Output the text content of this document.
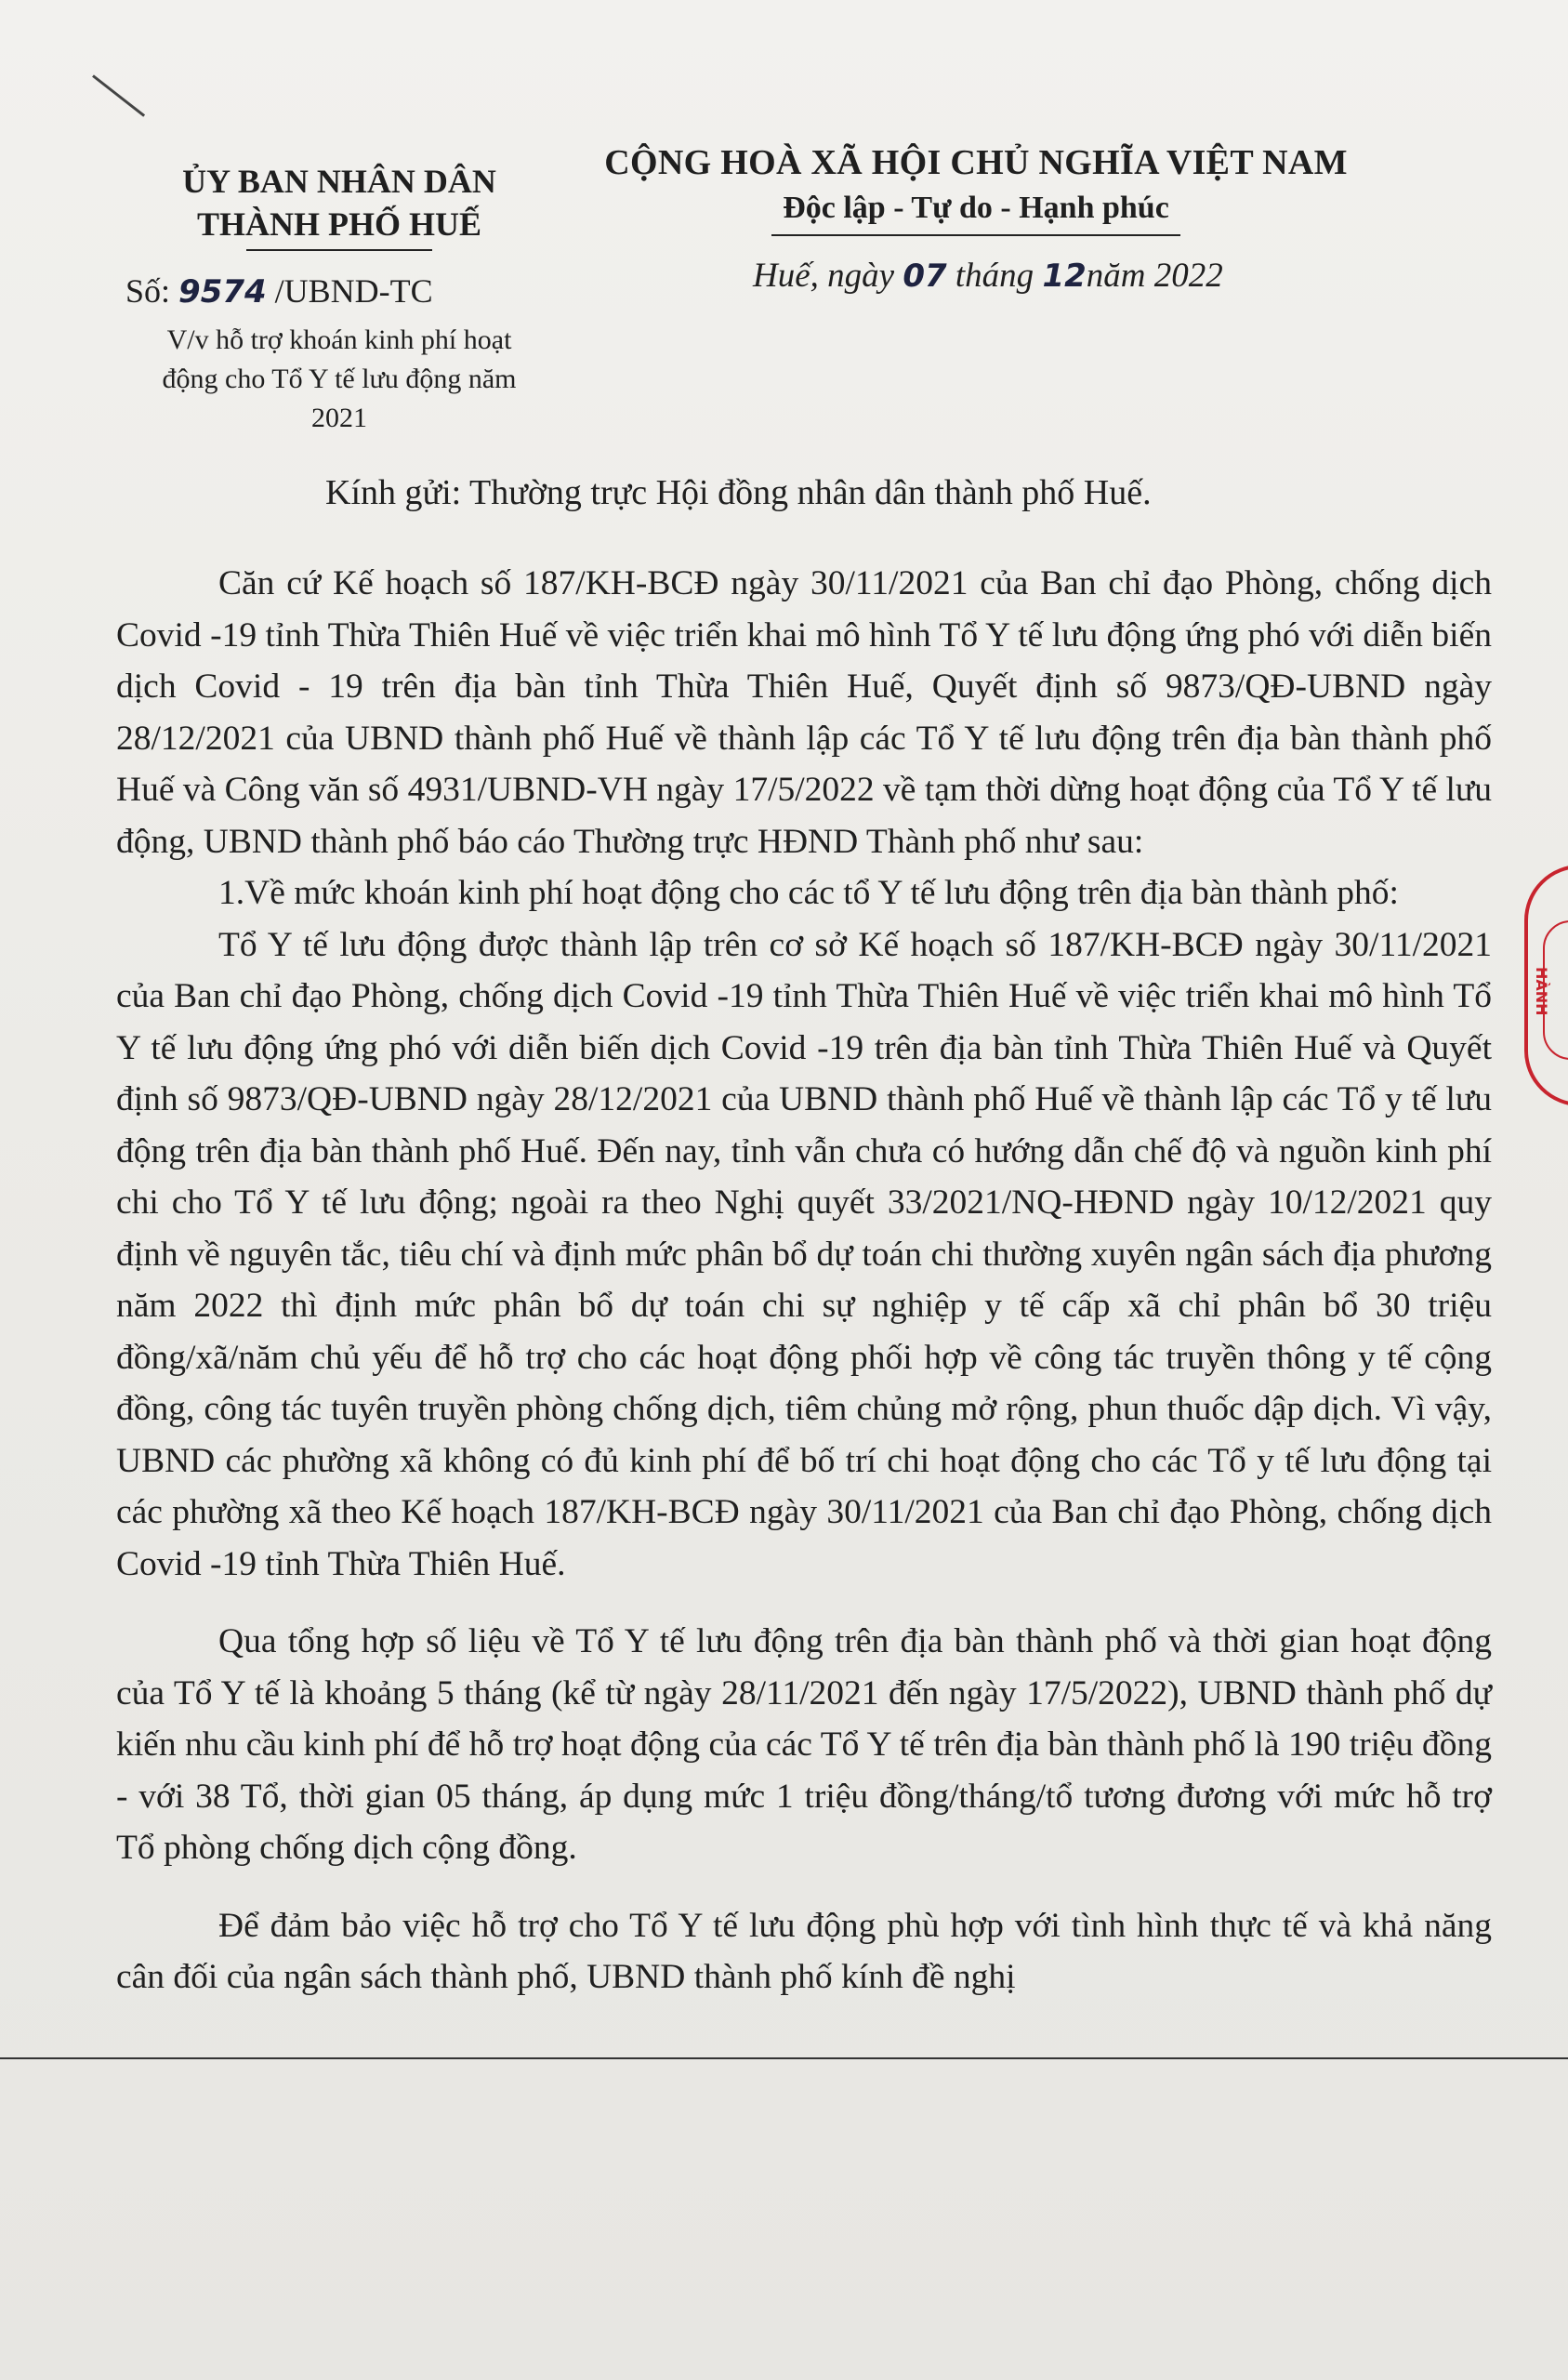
ỦY BAN NHÂN DÂN
THÀNH PHỐ HUẾ
CỘNG HOÀ XÃ HỘI CHỦ NGHĨA VIỆT NAM
Độc lập - Tự do - Hạnh phúc
Số: 9574 /UBND-TC
V/v hỗ trợ khoán kinh phí hoạt động cho Tổ Y tế lưu động năm 2021
Huế, ngày 07 tháng 12năm 2022
Kính gửi: Thường trực Hội đồng nhân dân thành phố Huế.

Căn cứ Kế hoạch số 187/KH-BCĐ ngày 30/11/2021 của Ban chỉ đạo Phòng, chống dịch Covid -19 tỉnh Thừa Thiên Huế về việc triển khai mô hình Tổ Y tế lưu động ứng phó với diễn biến dịch Covid - 19 trên địa bàn tỉnh Thừa Thiên Huế, Quyết định số 9873/QĐ-UBND ngày 28/12/2021 của UBND thành phố Huế về thành lập các Tổ Y tế lưu động trên địa bàn thành phố Huế và Công văn số 4931/UBND-VH ngày 17/5/2022 về tạm thời dừng hoạt động của Tổ Y tế lưu động, UBND thành phố báo cáo Thường trực HĐND Thành phố như sau:

1.Về mức khoán kinh phí hoạt động cho các tổ Y tế lưu động trên địa bàn thành phố:

Tổ Y tế lưu động được thành lập trên cơ sở Kế hoạch số 187/KH-BCĐ ngày 30/11/2021 của Ban chỉ đạo Phòng, chống dịch Covid -19 tỉnh Thừa Thiên Huế về việc triển khai mô hình Tổ Y tế lưu động ứng phó với diễn biến dịch Covid -19 trên địa bàn tỉnh Thừa Thiên Huế và Quyết định số 9873/QĐ-UBND ngày 28/12/2021 của UBND thành phố Huế về thành lập các Tổ y tế lưu động trên địa bàn thành phố Huế. Đến nay, tỉnh vẫn chưa có hướng dẫn chế độ và nguồn kinh phí chi cho Tổ Y tế lưu động; ngoài ra theo Nghị quyết 33/2021/NQ-HĐND ngày 10/12/2021 quy định về nguyên tắc, tiêu chí và định mức phân bổ dự toán chi thường xuyên ngân sách địa phương năm 2022 thì định mức phân bổ dự toán chi sự nghiệp y tế cấp xã chỉ phân bổ 30 triệu đồng/xã/năm chủ yếu để hỗ trợ cho các hoạt động phối hợp về công tác truyền thông y tế cộng đồng, công tác tuyên truyền phòng chống dịch, tiêm chủng mở rộng, phun thuốc dập dịch. Vì vậy, UBND các phường xã không có đủ kinh phí để bố trí chi hoạt động cho các Tổ y tế lưu động tại các phường xã theo Kế hoạch 187/KH-BCĐ ngày 30/11/2021 của Ban chỉ đạo Phòng, chống dịch Covid -19 tỉnh Thừa Thiên Huế.

Qua tổng hợp số liệu về Tổ Y tế lưu động trên địa bàn thành phố và thời gian hoạt động của Tổ Y tế là khoảng 5 tháng (kể từ ngày 28/11/2021 đến ngày 17/5/2022), UBND thành phố dự kiến nhu cầu kinh phí để hỗ trợ hoạt động của các Tổ Y tế trên địa bàn thành phố là 190 triệu đồng - với 38 Tổ, thời gian 05 tháng, áp dụng mức 1 triệu đồng/tháng/tổ tương đương với mức hỗ trợ Tổ phòng chống dịch cộng đồng.

Để đảm bảo việc hỗ trợ cho Tổ Y tế lưu động phù hợp với tình hình thực tế và khả năng cân đối của ngân sách thành phố, UBND thành phố kính đề nghị

HÀNH
